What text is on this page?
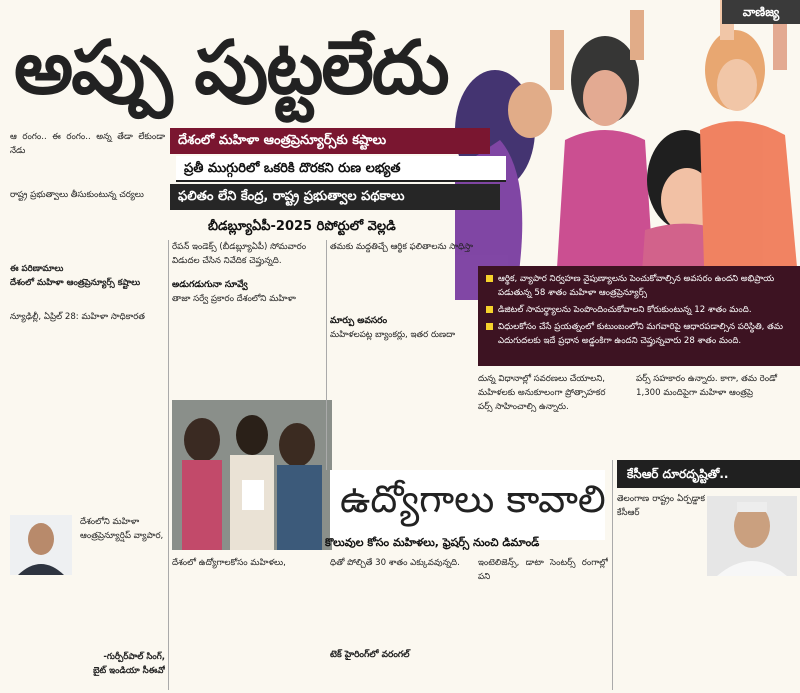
అప్పు పుట్టలేదు
వాణిజ్య
దేశంలో మహిళా ఆంత్రప్రెన్యూర్స్‌కు కష్టాలు
ప్రతీ ముగ్గురిలో ఒకరికి దొరకని రుణ లభ్యత
ఫలితం లేని కేంద్ర, రాష్ట్ర ప్రభుత్వాల పథకాలు
బీడబ్ల్యూఏపీ-2025 రిపోర్టులో వెల్లడి

ఆ రంగం.. ఈ రంగం.. అన్న తేడా లేకుండా నేడు

రాష్ట్ర ప్రభుత్వాలు తీసుకుంటున్న చర్యలు

ఈ పరిణామాలు

దేశంలో మహిళా ఆంత్రప్రెన్యూర్స్ కష్టాలు

న్యూఢిల్లీ, ఏప్రిల్ 28: మహిళా సాధికారత

రేపన్ ఇండెక్స్ (బీడబ్ల్యూఏపీ) సోమవారం

విడుదల చేసిన నివేదిక చెప్తున్నది.

అడుగడుగునా సూవ్వే

తాజా సర్వే ప్రకారం దేశంలోని మహిళా

తమకు మద్దతిచ్చే ఆర్థిక ఫలితాలను సాధిస్తా

మార్పు అవసరం

మహిళలపట్ల బ్యాంకర్లు, ఇతర రుణదా

ఆర్థిక, వ్యాపార నిర్వహణ నైపుణ్యాలను పెంచుకోవాల్సిన అవసరం ఉందని అభిప్రాయ పడుతున్న 58 శాతం మహిళా ఆంత్రప్రెన్యూర్స్
డిజిటల్ సామర్థ్యాలను పెంపొందించుకోవాలని కోరుకుంటున్న 12 శాతం మంది.
విధులకోసం చేసే ప్రయత్నంలో కుటుంబంలోని మగవారిపై ఆధారపడాల్సిన పరిస్థితి, తమ ఎదుగుదలకు ఇదే ప్రధాన అడ్డంకిగా ఉందని చెప్తున్నవారు 28 శాతం మంది.

దున్న విధానాల్లో సవరణలు చేయాలని,

మహిళలకు అనుకూలంగా ప్రోత్సాహకర

పర్స్ సాహించాల్సి ఉన్నారు.

పర్స్ సహకారం ఉన్నారు. కాగా, తమ రెండో

1,300 మందిపైగా మహిళా ఆంత్రప్రె

ఉద్యోగాలు కావాలి
కొలువుల కోసం మహిళలు, ఫ్రెషర్స్ నుంచి డిమాండ్
కేసీఆర్ దూరదృష్టితో..

తెలంగాణ రాష్ట్రం ఏర్పడ్డాక కేసీఆర్

దేశంలోని మహిళా

ఆంత్రప్రెన్యూర్షిప్ వ్యాపార,

-గుర్పీర్‌పాల్ సింగ్,

బైట్ ఇండియా సీఈవో

దేశంలో ఉద్యోగాలకోసం మహిళలు,	ధితో పోల్చితే 30 శాతం ఎక్కువవున్నది.	ఇంటెలిజెన్స్, డాటా సెంటర్స్ రంగాల్లో పని

టెక్ హైరింగ్‌లో వరంగల్
